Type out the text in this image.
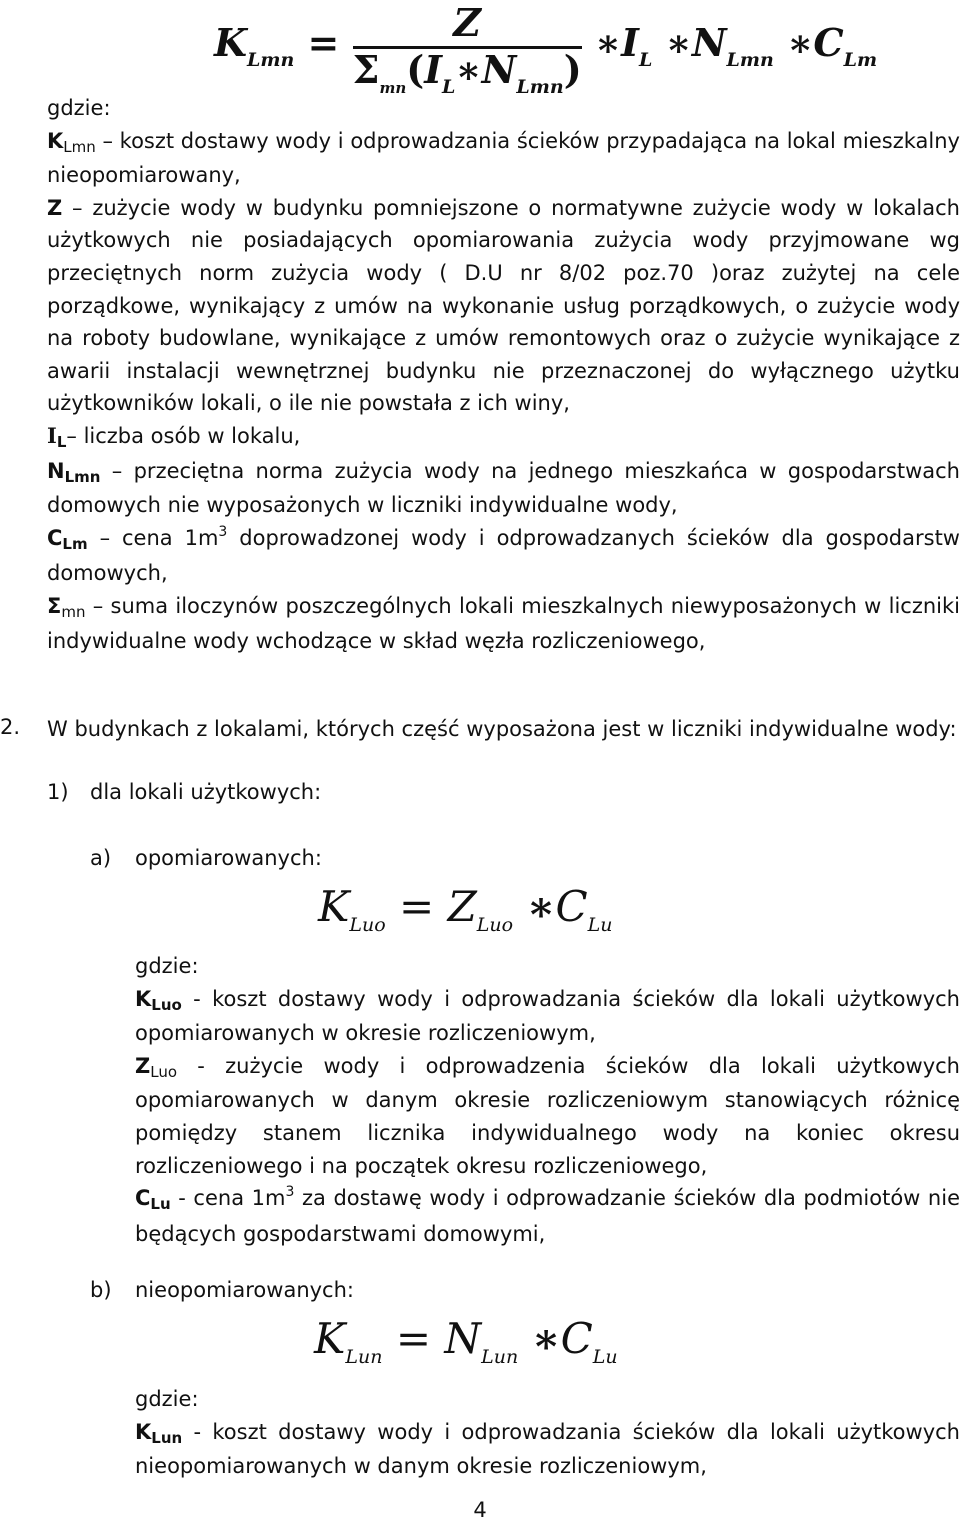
$K_{Lmn} = \frac{Z}{\Sigma_{mn}(I_L∗N_{Lmn})}$ $∗I_L$ $∗N_{Lmn}$ $∗C_{Lm}$

gdzie:

KLmn – koszt dostawy wody i odprowadzania ścieków przypadająca na lokal mieszkalny nieopomiarowany,

Z – zużycie wody w budynku pomniejszone o normatywne zużycie wody w lokalach użytkowych nie posiadających opomiarowania zużycia wody przyjmowane wg przeciętnych norm zużycia wody ( D.U nr 8/02 poz.70 )oraz zużytej na cele porządkowe, wynikający z umów na wykonanie usług porządkowych, o zużycie wody na roboty budowlane, wynikające z umów remontowych oraz o zużycie wynikające z awarii instalacji wewnętrznej budynku nie przeznaczonej do wyłącznego użytku użytkowników lokali, o ile nie powstała z ich winy,

IL– liczba osób w lokalu,

NLmn – przeciętna norma zużycia wody na jednego mieszkańca w gospodarstwach domowych nie wyposażonych w liczniki indywidualne wody,

CLm – cena $1m^3$ doprowadzonej wody i odprowadzanych ścieków dla gospodarstw domowych,

Σmn – suma iloczynów poszczególnych lokali mieszkalnych niewyposażonych w liczniki indywidualne wody wchodzące w skład węzła rozliczeniowego,

2. W budynkach z lokalami, których część wyposażona jest w liczniki indywidualne wody:

1) dla lokali użytkowych:
a) opomiarowanych:
$K_{Luo} = Z_{Luo}$ $∗C_{Lu}$

gdzie:

KLuo - koszt dostawy wody i odprowadzania ścieków dla lokali użytkowych opomiarowanych w okresie rozliczeniowym,

ZLuo - zużycie wody i odprowadzenia ścieków dla lokali użytkowych opomiarowanych w danym okresie rozliczeniowym stanowiących różnicę pomiędzy stanem licznika indywidualnego wody na koniec okresu rozliczeniowego i na początek okresu rozliczeniowego,

CLu - cena $1m^3$ za dostawę wody i odprowadzanie ścieków dla podmiotów nie będących gospodarstwami domowymi,

b) nieopomiarowanych:
$K_{Lun} = N_{Lun}$ $∗C_{Lu}$

gdzie:

KLun - koszt dostawy wody i odprowadzania ścieków dla lokali użytkowych nieopomiarowanych w danym okresie rozliczeniowym,

4
